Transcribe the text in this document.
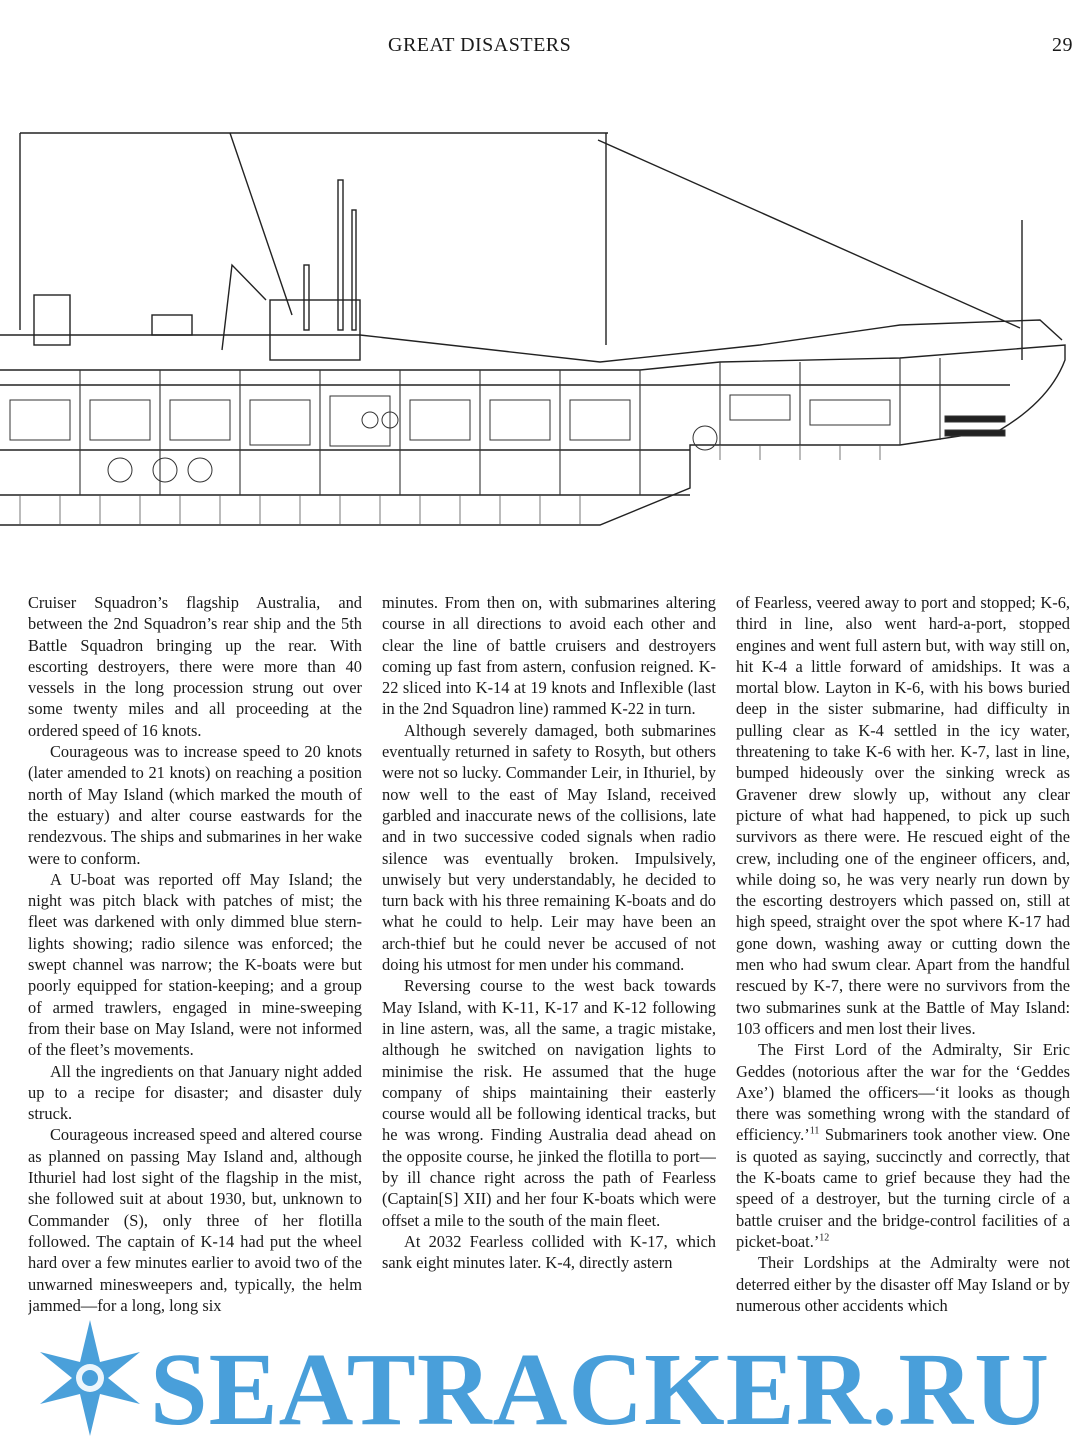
GREAT DISASTERS	29

Cruiser Squadron’s flagship Australia, and between the 2nd Squadron’s rear ship and the 5th Battle Squadron bringing up the rear. With escorting destroyers, there were more than 40 vessels in the long procession strung out over some twenty miles and all proceeding at the ordered speed of 16 knots.

Courageous was to increase speed to 20 knots (later amended to 21 knots) on reaching a position north of May Island (which marked the mouth of the estuary) and alter course eastwards for the rendezvous. The ships and submarines in her wake were to conform.

A U-boat was reported off May Island; the night was pitch black with patches of mist; the fleet was darkened with only dimmed blue stern-lights showing; radio silence was enforced; the swept channel was narrow; the K-boats were but poorly equipped for station-keeping; and a group of armed trawlers, engaged in mine-sweeping from their base on May Island, were not informed of the fleet’s movements.

All the ingredients on that January night added up to a recipe for disaster; and disaster duly struck.

Courageous increased speed and altered course as planned on passing May Island and, although Ithuriel had lost sight of the flagship in the mist, she followed suit at about 1930, but, unknown to Commander (S), only three of her flotilla followed. The captain of K-14 had put the wheel hard over a few minutes earlier to avoid two of the unwarned minesweepers and, typically, the helm jammed—for a long, long six

minutes. From then on, with submarines altering course in all directions to avoid each other and clear the line of battle cruisers and destroyers coming up fast from astern, confusion reigned. K-22 sliced into K-14 at 19 knots and Inflexible (last in the 2nd Squadron line) rammed K-22 in turn.

Although severely damaged, both submarines eventually returned in safety to Rosyth, but others were not so lucky. Commander Leir, in Ithuriel, by now well to the east of May Island, received garbled and inaccurate news of the collisions, late and in two successive coded signals when radio silence was eventually broken. Impulsively, unwisely but very understandably, he decided to turn back with his three remaining K-boats and do what he could to help. Leir may have been an arch-thief but he could never be accused of not doing his utmost for men under his command.

Reversing course to the west back towards May Island, with K-11, K-17 and K-12 following in line astern, was, all the same, a tragic mistake, although he switched on navigation lights to minimise the risk. He assumed that the huge company of ships maintaining their easterly course would all be following identical tracks, but he was wrong. Finding Australia dead ahead on the opposite course, he jinked the flotilla to port—by ill chance right across the path of Fearless (Captain[S] XII) and her four K-boats which were offset a mile to the south of the main fleet.

At 2032 Fearless collided with K-17, which sank eight minutes later. K-4, directly astern

of Fearless, veered away to port and stopped; K-6, third in line, also went hard-a-port, stopped engines and went full astern but, with way still on, hit K-4 a little forward of amidships. It was a mortal blow. Layton in K-6, with his bows buried deep in the sister submarine, had difficulty in pulling clear as K-4 settled in the icy water, threatening to take K-6 with her. K-7, last in line, bumped hideously over the sinking wreck as Gravener drew slowly up, without any clear picture of what had happened, to pick up such survivors as there were. He rescued eight of the crew, including one of the engineer officers, and, while doing so, he was very nearly run down by the escorting destroyers which passed on, still at high speed, straight over the spot where K-17 had gone down, washing away or cutting down the men who had swum clear. Apart from the handful rescued by K-7, there were no survivors from the two submarines sunk at the Battle of May Island: 103 officers and men lost their lives.

The First Lord of the Admiralty, Sir Eric Geddes (notorious after the war for the ‘Geddes Axe’) blamed the officers—‘it looks as though there was something wrong with the standard of efficiency.’$^{11}$ Submariners took another view. One is quoted as saying, succinctly and correctly, that the K-boats came to grief because they had the speed of a destroyer, but the turning circle of a battle cruiser and the bridge-control facilities of a picket-boat.’$^{12}$

Their Lordships at the Admiralty were not deterred either by the disaster off May Island or by numerous other accidents which

SEATRACKER.RU
